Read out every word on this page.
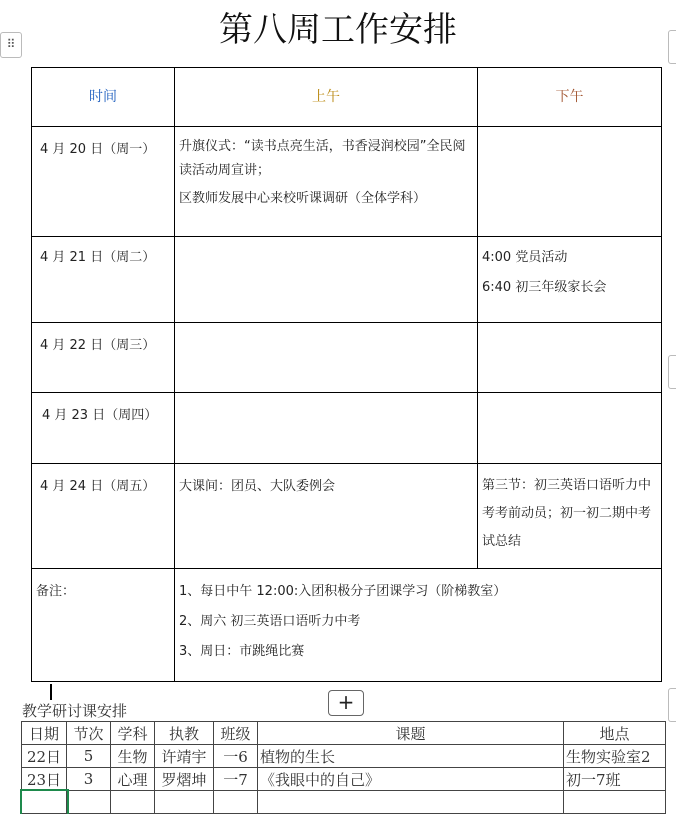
第八周工作安排
⠿
时间	上午	下午
4 月 20 日（周一）	升旗仪式：“读书点亮生活，书香浸润校园”全民阅读活动周宣讲；
区教师发展中心来校听课调研（全体学科）	

4 月 21 日（周二）		4:00 党员活动
6:40 初三年级家长会

4 月 22 日（周三）		
4 月 23 日（周四）		
4 月 24 日（周五）	大课间：团员、大队委例会	第三节：初三英语口语听力中考考前动员；初一初二期中考试总结
备注：	1、每日中午 12:00:入团积极分子团课学习（阶梯教室）
2、周六 初三英语口语听力中考
3、周日：市跳绳比赛	
+
教学研讨课安排
日期	节次	学科	执教	班级	课题	地点
22日	5	生物	许靖宇	一6	植物的生长	生物实验室2
23日	3	心理	罗熠坤	一7	《我眼中的自己》	初一7班
